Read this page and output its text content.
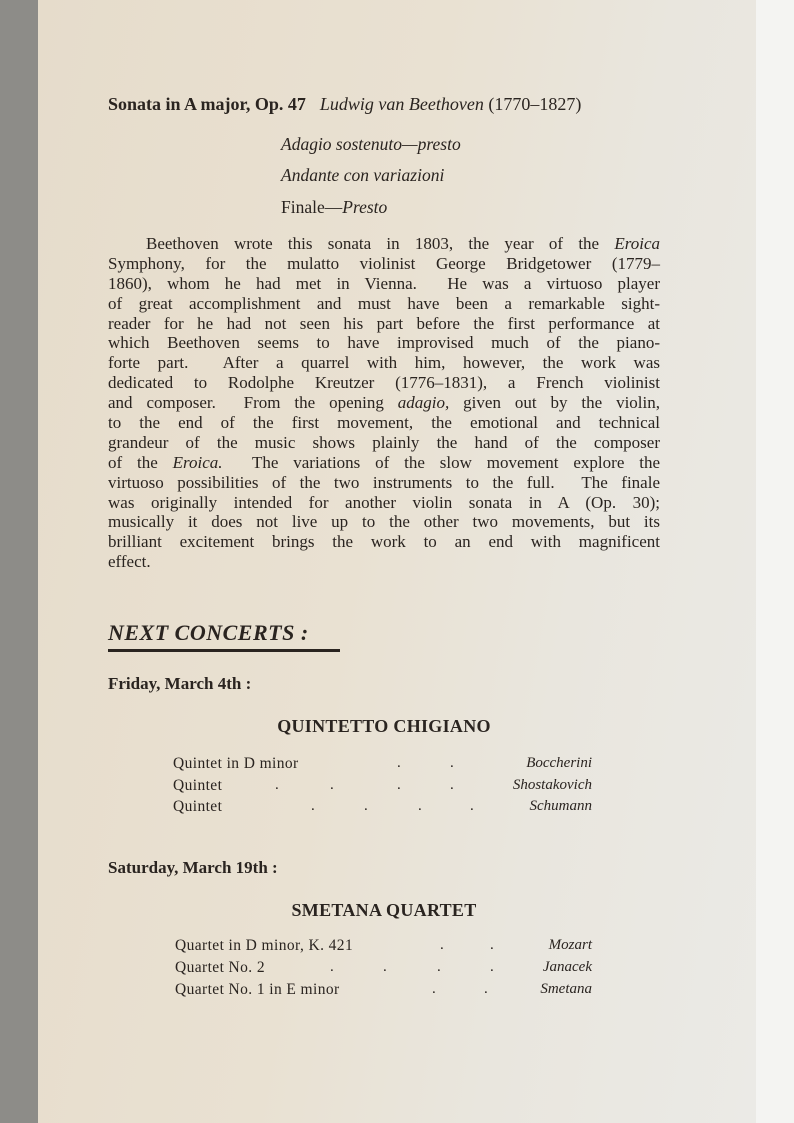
Sonata in A major, Op. 47 Ludwig van Beethoven (1770–1827)
Adagio sostenuto—presto
Andante con variazioni
Finale—Presto
Beethoven wrote this sonata in 1803, the year of the Eroica
Symphony, for the mulatto violinist George Bridgetower (1779–
1860), whom he had met in Vienna.  He was a virtuoso player
of great accomplishment and must have been a remarkable sight-
reader for he had not seen his part before the first performance at
which Beethoven seems to have improvised much of the piano-
forte part.  After a quarrel with him, however, the work was
dedicated to Rodolphe Kreutzer (1776–1831), a French violinist
and composer.  From the opening adagio, given out by the violin,
to the end of the first movement, the emotional and technical
grandeur of the music shows plainly the hand of the composer
of the Eroica.  The variations of the slow movement explore the
virtuoso possibilities of the two instruments to the full.  The finale
was originally intended for another violin sonata in A (Op. 30);
musically it does not live up to the other two movements, but its
brilliant excitement brings the work to an end with magnificent
effect.
NEXT CONCERTS :
Friday, March 4th :
QUINTETTO CHIGIANO
Quintet in D minor	.	.	Boccherini
Quintet	.	.	.	.	Shostakovich
Quintet	.	.	.	.	Schumann
Saturday, March 19th :
SMETANA QUARTET
Quartet in D minor, K. 421	.	.	Mozart
Quartet No. 2	.	.	.	.	Janacek
Quartet No. 1 in E minor	.	.	Smetana
